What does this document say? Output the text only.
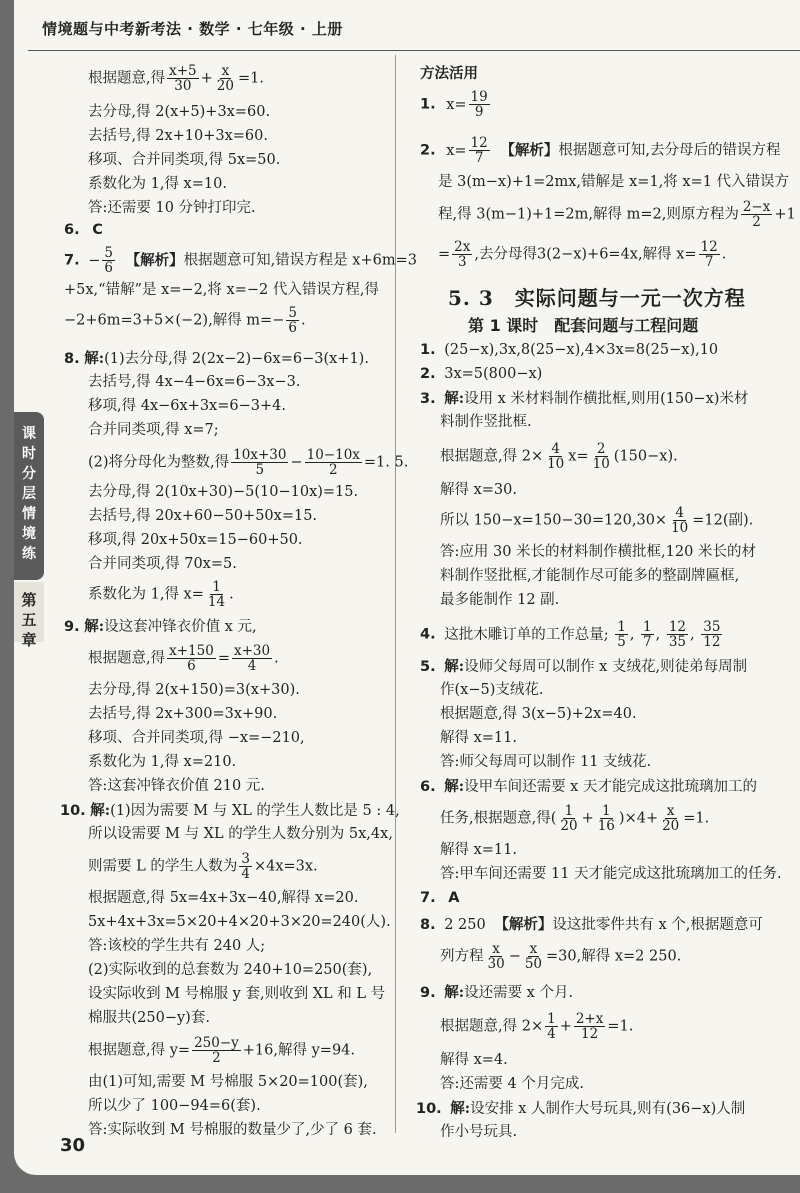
情境题与中考新考法 · 数学 · 七年级 · 上册
课时分层情境练
第五章
根据题意,得 $\frac{x+5}{30} + \frac{x}{20} =1$.
去分母,得 2(x+5)+3x=60.
去括号,得 2x+10+3x=60.
移项、合并同类项,得 5x=50.
系数化为 1,得 x=10.
答:还需要 10 分钟打印完.
6. C
7. − $\frac{5}{6}$ 【解析】根据题意可知,错误方程是 x+6m=3
+5x,“错解”是 x=−2,将 x=−2 代入错误方程,得
−2+6m=3+5×(−2),解得 $m=- \frac{5}{6}$ .
8. 解:(1)去分母,得 2(2x−2)−6x=6−3(x+1).
去括号,得 4x−4−6x=6−3x−3.
移项,得 4x−6x+3x=6−3+4.
合并同类项,得 x=7;
(2)将分母化为整数,得 $\frac{10x+30}{5} - \frac{10-10x}{2} =1$. 5.
去分母,得 2(10x+30)−5(10−10x)=15.
去括号,得 20x+60−50+50x=15.
移项,得 20x+50x=15−60+50.
合并同类项,得 70x=5.
系数化为 1,得 $x= \frac{1}{14}$ .
9. 解:设这套冲锋衣价值 x 元,
根据题意,得 $\frac{x+150}{6} = \frac{x+30}{4}$ .
去分母,得 2(x+150)=3(x+30).
去括号,得 2x+300=3x+90.
移项、合并同类项,得 −x=−210,
系数化为 1,得 x=210.
答:这套冲锋衣价值 210 元.
10. 解:(1)因为需要 M 与 XL 的学生人数比是 5 : 4,
所以设需要 M 与 XL 的学生人数分别为 5x,4x,
则需要 L 的学生人数为 $\frac{3}{4} \times 4x=3x$.
根据题意,得 5x=4x+3x−40,解得 x=20.
5x+4x+3x=5×20+4×20+3×20=240(人).
答:该校的学生共有 240 人;
(2)实际收到的总套数为 240+10=250(套),
设实际收到 M 号棉服 y 套,则收到 XL 和 L 号
棉服共(250−y)套.
根据题意,得 $y= \frac{250-y}{2} +16$,解得 y=94.
由(1)可知,需要 M 号棉服 5×20=100(套),
所以少了 100−94=6(套).
答:实际收到 M 号棉服的数量少了,少了 6 套.
方法活用
1. $x= \frac{19}{9}$
2. $x= \frac{12}{7}$ 【解析】根据题意可知,去分母后的错误方程
是 3(m−x)+1=2mx,错解是 x=1,将 x=1 代入错误方
程,得 3(m−1)+1=2m,解得 m=2,则原方程为 $\frac{2-x}{2} +1$
= $\frac{2x}{3}$ ,去分母得3(2−x)+6=4x,解得 $x= \frac{12}{7}$ .
5. 3　实际问题与一元一次方程
第 1 课时　配套问题与工程问题
1. (25−x),3x,8(25−x),4×3x=8(25−x),10
2. 3x=5(800−x)
3. 解:设用 x 米材料制作横批框,则用(150−x)米材
料制作竖批框.
根据题意,得 $2\times \frac{4}{10} x= \frac{2}{10} (150-x)$.
解得 x=30.
所以 $150-x=150-30=120,30\times \frac{4}{10} =12$(副).
答:应用 30 米长的材料制作横批框,120 米长的材
料制作竖批框,才能制作尽可能多的整副牌匾框,
最多能制作 12 副.
4. 这批木雕订单的工作总量; $\frac{1}{5}$ , $\frac{1}{7}$ , $\frac{12}{35}$ , $\frac{35}{12}$
5. 解:设师父每周可以制作 x 支绒花,则徒弟每周制
作(x−5)支绒花.
根据题意,得 3(x−5)+2x=40.
解得 x=11.
答:师父每周可以制作 11 支绒花.
6. 解:设甲车间还需要 x 天才能完成这批琉璃加工的
任务,根据题意,得( $\frac{1}{20} + \frac{1}{16} )\times 4+ \frac{x}{20} =1$.
解得 x=11.
答:甲车间还需要 11 天才能完成这批琉璃加工的任务.
7. A
8. 2 250 【解析】设这批零件共有 x 个,根据题意可
列方程 $\frac{x}{30} - \frac{x}{50} =30$,解得 x=2 250.
9. 解:设还需要 x 个月.
根据题意,得 $2\times \frac{1}{4} + \frac{2+x}{12} =1$.
解得 x=4.
答:还需要 4 个月完成.
10. 解:设安排 x 人制作大号玩具,则有(36−x)人制
作小号玩具.
30
